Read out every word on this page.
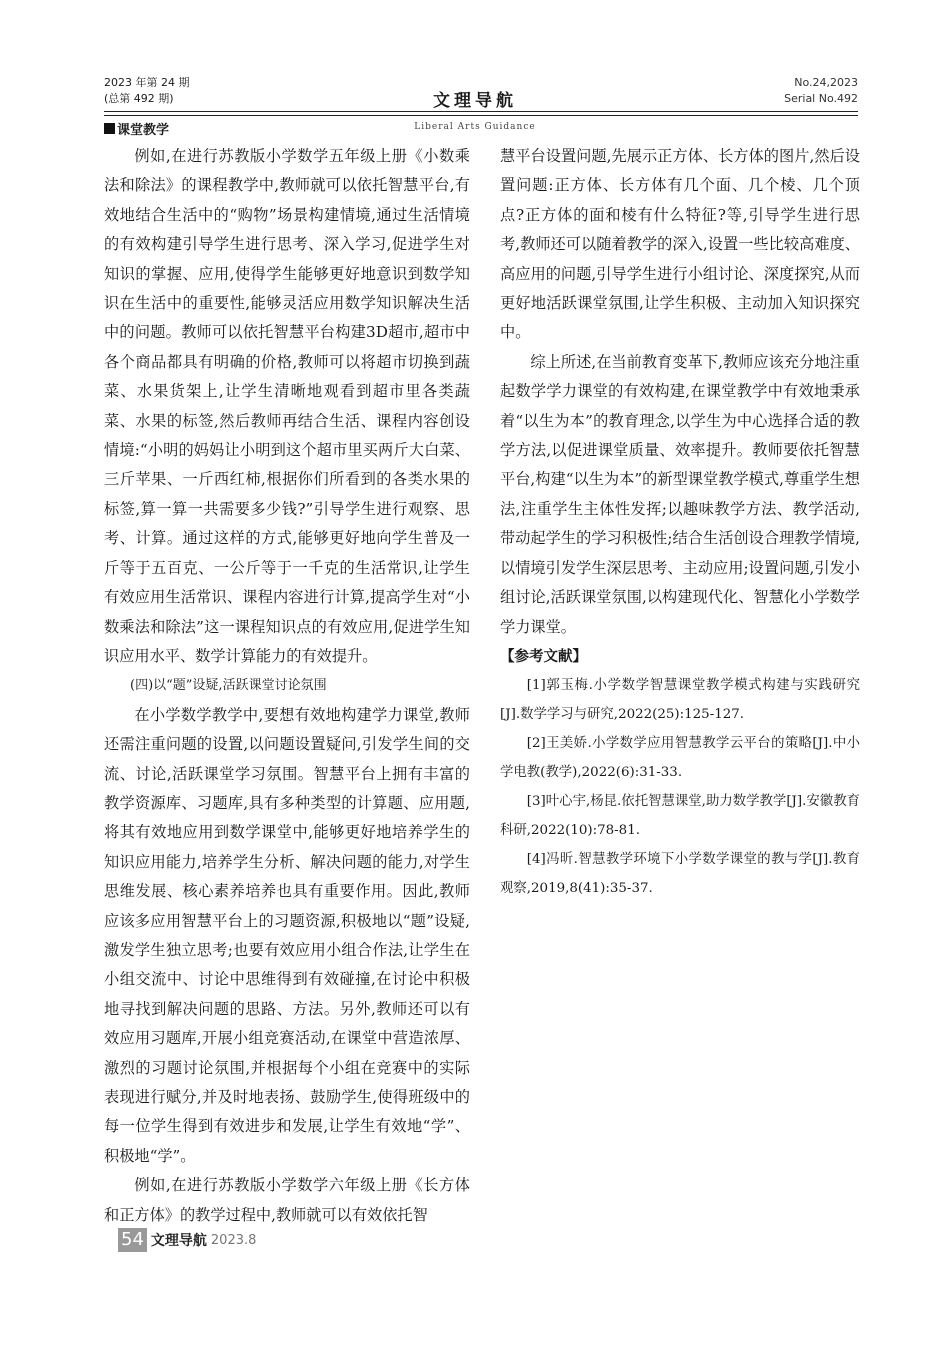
2023 年第 24 期
(总第 492 期)	文理导航
No.24,2023
Serial No.492
课堂教学	Liberal Arts Guidance

例如,在进行苏教版小学数学五年级上册《小数乘法和除法》的课程教学中,教师就可以依托智慧平台,有效地结合生活中的“购物”场景构建情境,通过生活情境的有效构建引导学生进行思考、深入学习,促进学生对知识的掌握、应用,使得学生能够更好地意识到数学知识在生活中的重要性,能够灵活应用数学知识解决生活中的问题。教师可以依托智慧平台构建3D超市,超市中各个商品都具有明确的价格,教师可以将超市切换到蔬菜、水果货架上,让学生清晰地观看到超市里各类蔬菜、水果的标签,然后教师再结合生活、课程内容创设情境:“小明的妈妈让小明到这个超市里买两斤大白菜、三斤苹果、一斤西红柿,根据你们所看到的各类水果的标签,算一算一共需要多少钱?”引导学生进行观察、思考、计算。通过这样的方式,能够更好地向学生普及一斤等于五百克、一公斤等于一千克的生活常识,让学生有效应用生活常识、课程内容进行计算,提高学生对“小数乘法和除法”这一课程知识点的有效应用,促进学生知识应用水平、数学计算能力的有效提升。

(四)以“题”设疑,活跃课堂讨论氛围

在小学数学教学中,要想有效地构建学力课堂,教师还需注重问题的设置,以问题设置疑问,引发学生间的交流、讨论,活跃课堂学习氛围。智慧平台上拥有丰富的教学资源库、习题库,具有多种类型的计算题、应用题,将其有效地应用到数学课堂中,能够更好地培养学生的知识应用能力,培养学生分析、解决问题的能力,对学生思维发展、核心素养培养也具有重要作用。因此,教师应该多应用智慧平台上的习题资源,积极地以“题”设疑,激发学生独立思考;也要有效应用小组合作法,让学生在小组交流中、讨论中思维得到有效碰撞,在讨论中积极地寻找到解决问题的思路、方法。另外,教师还可以有效应用习题库,开展小组竞赛活动,在课堂中营造浓厚、激烈的习题讨论氛围,并根据每个小组在竞赛中的实际表现进行赋分,并及时地表扬、鼓励学生,使得班级中的每一位学生得到有效进步和发展,让学生有效地“学”、积极地“学”。

例如,在进行苏教版小学数学六年级上册《长方体和正方体》的教学过程中,教师就可以有效依托智

慧平台设置问题,先展示正方体、长方体的图片,然后设置问题:正方体、长方体有几个面、几个棱、几个顶点?正方体的面和棱有什么特征?等,引导学生进行思考,教师还可以随着教学的深入,设置一些比较高难度、高应用的问题,引导学生进行小组讨论、深度探究,从而更好地活跃课堂氛围,让学生积极、主动加入知识探究中。

综上所述,在当前教育变革下,教师应该充分地注重起数学学力课堂的有效构建,在课堂教学中有效地秉承着“以生为本”的教育理念,以学生为中心选择合适的教学方法,以促进课堂质量、效率提升。教师要依托智慧平台,构建“以生为本”的新型课堂教学模式,尊重学生想法,注重学生主体性发挥;以趣味教学方法、教学活动,带动起学生的学习积极性;结合生活创设合理教学情境,以情境引发学生深层思考、主动应用;设置问题,引发小组讨论,活跃课堂氛围,以构建现代化、智慧化小学数学学力课堂。

【参考文献】

[1]郭玉梅.小学数学智慧课堂教学模式构建与实践研究[J].数学学习与研究,2022(25):125-127.

[2]王美娇.小学数学应用智慧教学云平台的策略[J].中小学电教(教学),2022(6):31-33.

[3]叶心宇,杨昆.依托智慧课堂,助力数学教学[J].安徽教育科研,2022(10):78-81.

[4]冯昕.智慧教学环境下小学数学课堂的教与学[J].教育观察,2019,8(41):35-37.

54 文理导航 2023.8
